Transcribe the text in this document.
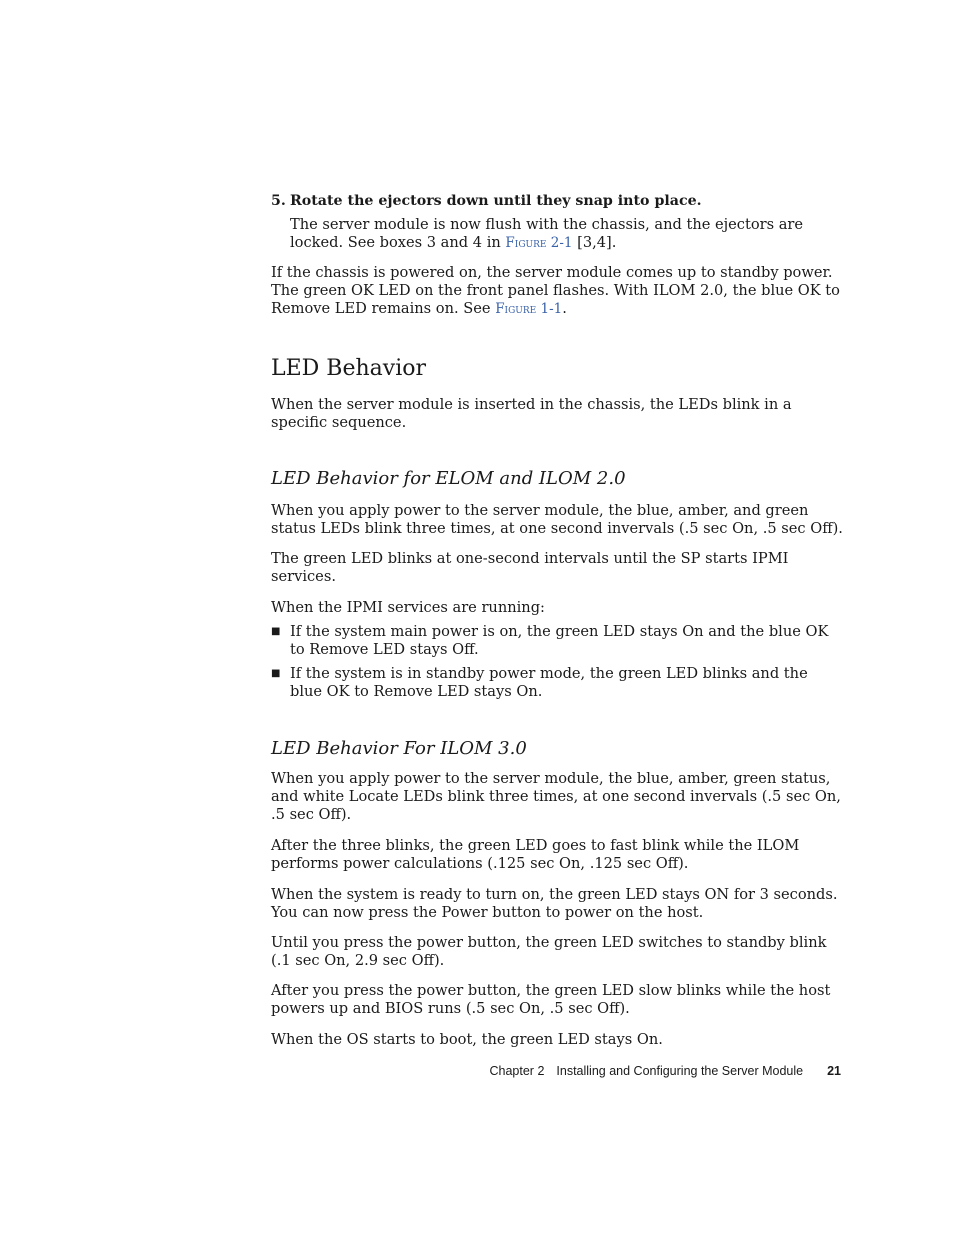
5. Rotate the ejectors down until they snap into place.

The server module is now flush with the chassis, and the ejectors are locked. See boxes 3 and 4 in Figure 2-1 [3,4].

If the chassis is powered on, the server module comes up to standby power. The green OK LED on the front panel flashes. With ILOM 2.0, the blue OK to Remove LED remains on. See Figure 1-1.

LED Behavior

When the server module is inserted in the chassis, the LEDs blink in a specific sequence.

LED Behavior for ELOM and ILOM 2.0

When you apply power to the server module, the blue, amber, and green status LEDs blink three times, at one second invervals (.5 sec On, .5 sec Off).

The green LED blinks at one-second intervals until the SP starts IPMI services.

When the IPMI services are running:

■ If the system main power is on, the green LED stays On and the blue OK to Remove LED stays Off.
■ If the system is in standby power mode, the green LED blinks and the blue OK to Remove LED stays On.
LED Behavior For ILOM 3.0

When you apply power to the server module, the blue, amber, green status, and white Locate LEDs blink three times, at one second invervals (.5 sec On, .5 sec Off).

After the three blinks, the green LED goes to fast blink while the ILOM performs power calculations (.125 sec On, .125 sec Off).

When the system is ready to turn on, the green LED stays ON for 3 seconds. You can now press the Power button to power on the host.

Until you press the power button, the green LED switches to standby blink (.1 sec On, 2.9 sec Off).

After you press the power button, the green LED slow blinks while the host powers up and BIOS runs (.5 sec On, .5 sec Off).

When the OS starts to boot, the green LED stays On.

Chapter 2 Installing and Configuring the Server Module 21
